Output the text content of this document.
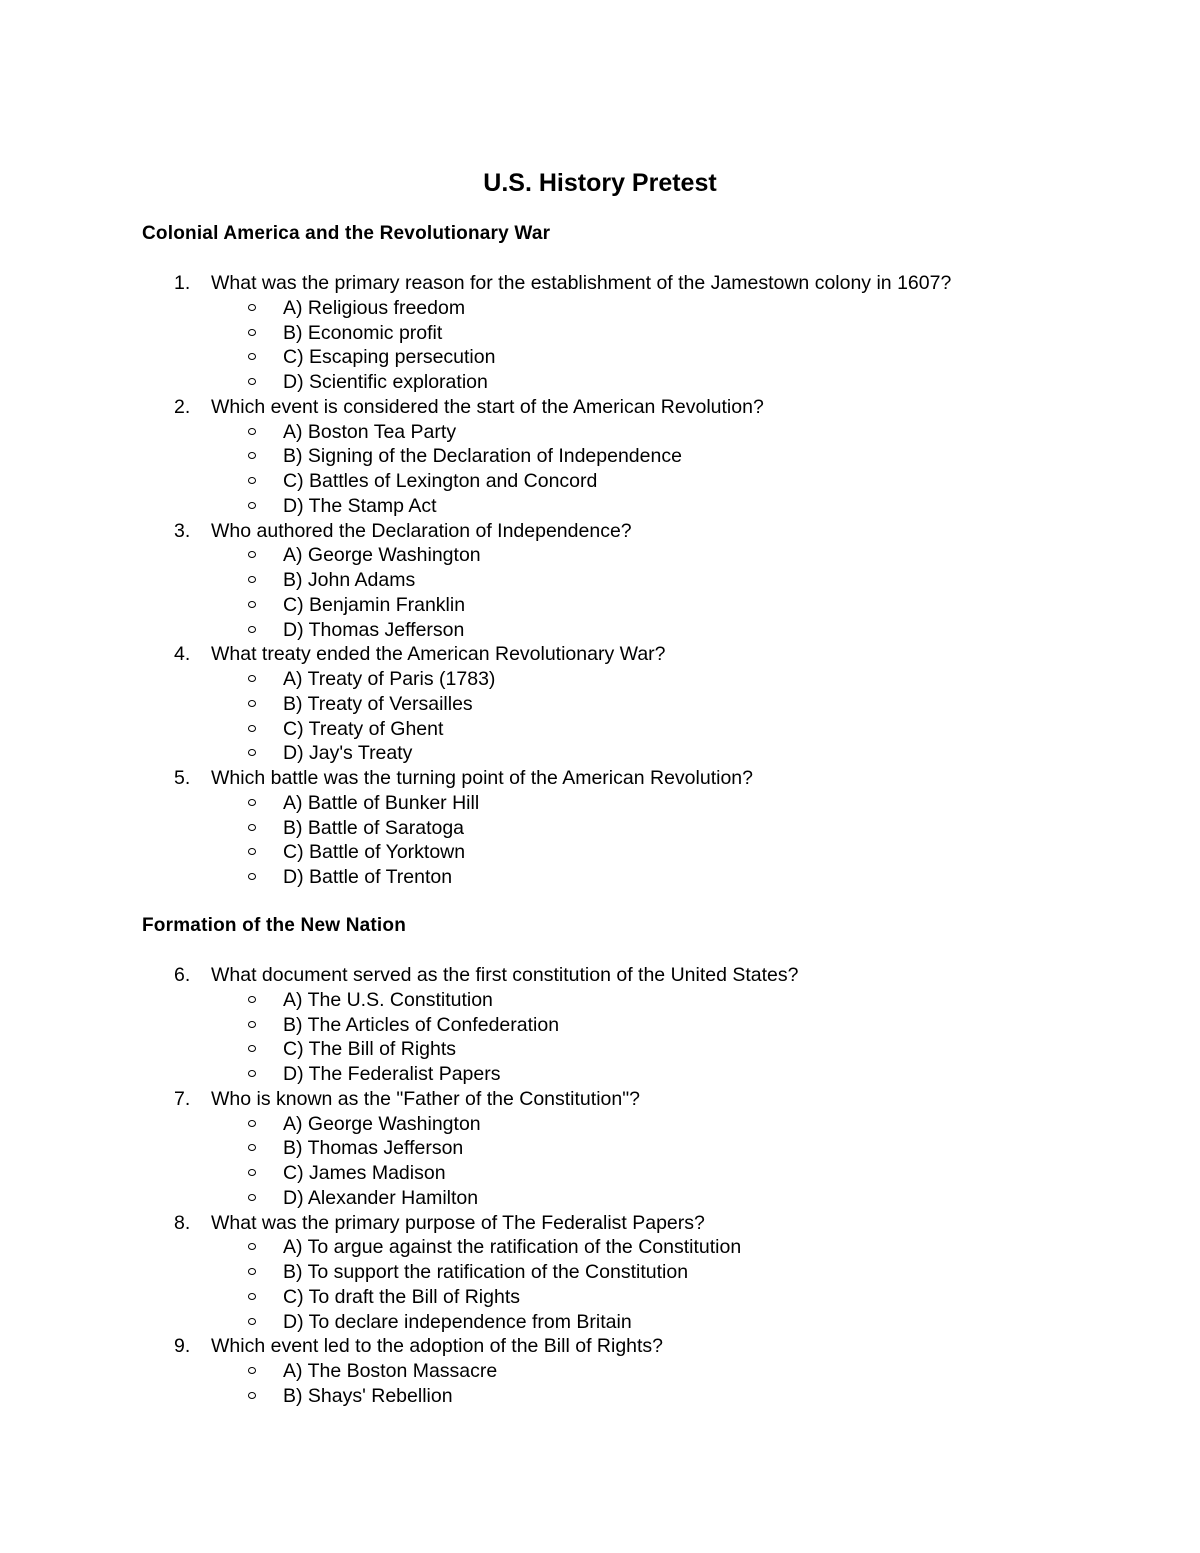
U.S. History Pretest
Colonial America and the Revolutionary War
1.	What was the primary reason for the establishment of the Jamestown colony in 1607?
A) Religious freedom
B) Economic profit
C) Escaping persecution
D) Scientific exploration
2.	Which event is considered the start of the American Revolution?
A) Boston Tea Party
B) Signing of the Declaration of Independence
C) Battles of Lexington and Concord
D) The Stamp Act
3.	Who authored the Declaration of Independence?
A) George Washington
B) John Adams
C) Benjamin Franklin
D) Thomas Jefferson
4.	What treaty ended the American Revolutionary War?
A) Treaty of Paris (1783)
B) Treaty of Versailles
C) Treaty of Ghent
D) Jay's Treaty
5.	Which battle was the turning point of the American Revolution?
A) Battle of Bunker Hill
B) Battle of Saratoga
C) Battle of Yorktown
D) Battle of Trenton
Formation of the New Nation
6.	What document served as the first constitution of the United States?
A) The U.S. Constitution
B) The Articles of Confederation
C) The Bill of Rights
D) The Federalist Papers
7.	Who is known as the "Father of the Constitution"?
A) George Washington
B) Thomas Jefferson
C) James Madison
D) Alexander Hamilton
8.	What was the primary purpose of The Federalist Papers?
A) To argue against the ratification of the Constitution
B) To support the ratification of the Constitution
C) To draft the Bill of Rights
D) To declare independence from Britain
9.	Which event led to the adoption of the Bill of Rights?
A) The Boston Massacre
B) Shays' Rebellion
